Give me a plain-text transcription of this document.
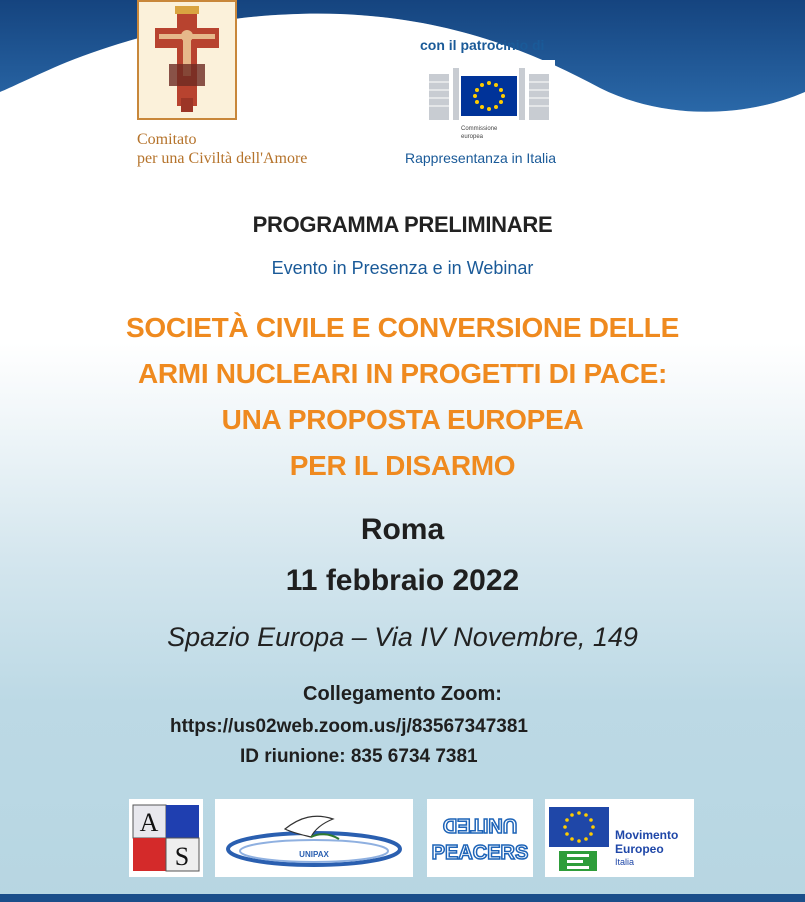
Comitato
per una Civiltà dell'Amore
con il patrocinio di
Commissione
europea
Rappresentanza in Italia
PROGRAMMA PRELIMINARE
Evento in Presenza e in Webinar
SOCIETÀ CIVILE E CONVERSIONE DELLE
ARMI NUCLEARI IN PROGETTI DI PACE:
UNA PROPOSTA EUROPEA
PER IL DISARMO
Roma
11 febbraio 2022
Spazio Europa – Via IV Novembre, 149
Collegamento Zoom:
https://us02web.zoom.us/j/83567347381
ID riunione: 835 6734 7381
A
S	UNIPAX
UNITED
PEACERS
Movimento
Europeo
Italia
